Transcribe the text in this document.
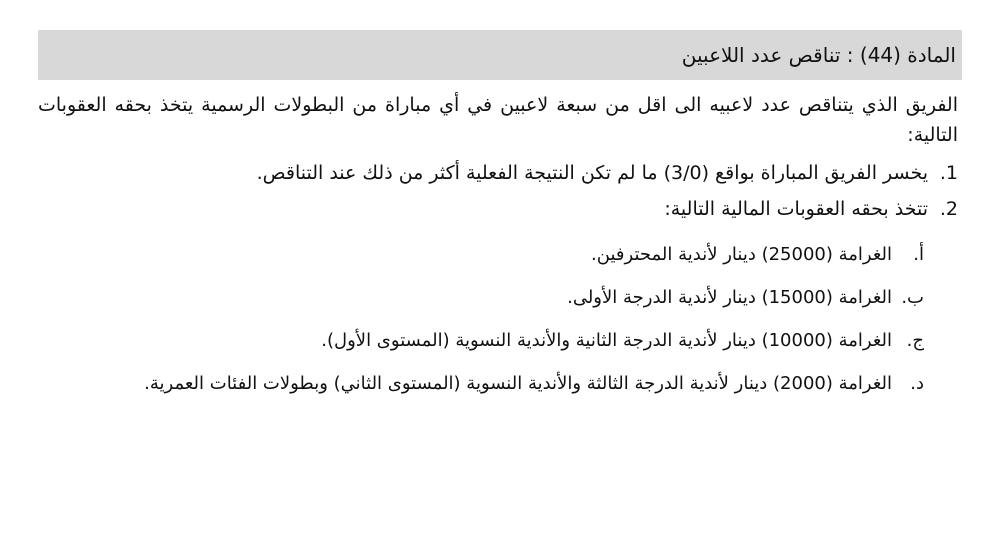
المادة (44) : تناقص عدد اللاعبين
الفريق الذي يتناقص عدد لاعبيه الى اقل من سبعة لاعبين في أي مباراة من البطولات الرسمية يتخذ بحقه العقوبات التالية:
1.
يخسر الفريق المباراة بواقع (3/0) ما لم تكن النتيجة الفعلية أكثر من ذلك عند التناقص.
2.
تتخذ بحقه العقوبات المالية التالية:
أ.
الغرامة (25000) دينار لأندية المحترفين.
ب.
الغرامة (15000) دينار لأندية الدرجة الأولى.
ج.
الغرامة (10000) دينار لأندية الدرجة الثانية والأندية النسوية (المستوى الأول).
د.
الغرامة (2000) دينار لأندية الدرجة الثالثة والأندية النسوية (المستوى الثاني) وبطولات الفئات العمرية.
